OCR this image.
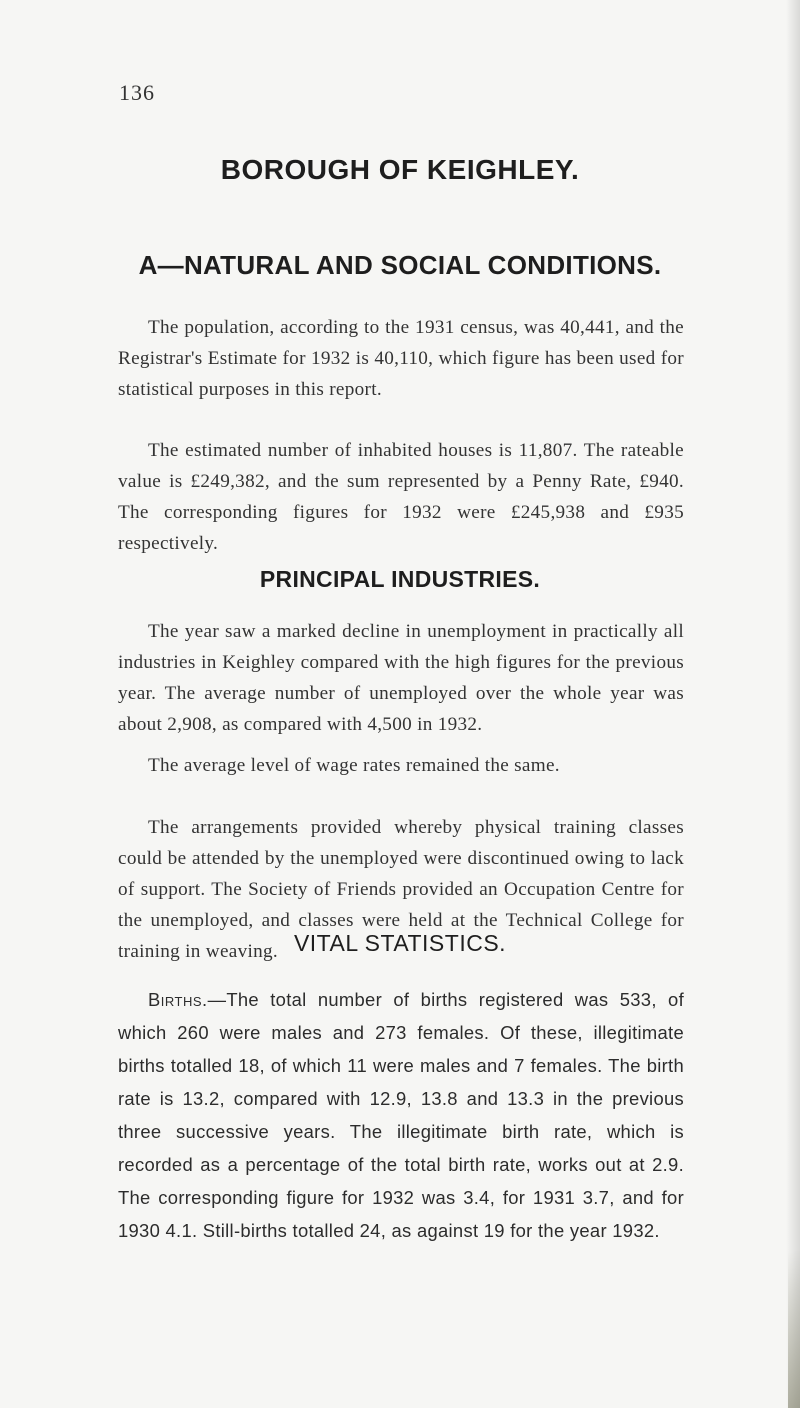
136
BOROUGH OF KEIGHLEY.
A—NATURAL AND SOCIAL CONDITIONS.

The population, according to the 1931 census, was 40,441, and the Registrar's Estimate for 1932 is 40,110, which figure has been used for statistical purposes in this report.

The estimated number of inhabited houses is 11,807. The rateable value is £249,382, and the sum represented by a Penny Rate, £940. The corresponding figures for 1932 were £245,938 and £935 respectively.

PRINCIPAL INDUSTRIES.

The year saw a marked decline in unemployment in practically all industries in Keighley compared with the high figures for the previous year. The average number of unemployed over the whole year was about 2,908, as compared with 4,500 in 1932.

The average level of wage rates remained the same.

The arrangements provided whereby physical training classes could be attended by the unemployed were discontinued owing to lack of support. The Society of Friends provided an Occupation Centre for the unemployed, and classes were held at the Technical College for training in weaving. VITAL STATISTICS.

Births.—The total number of births registered was 533, of which 260 were males and 273 females. Of these, illegitimate births totalled 18, of which 11 were males and 7 females. The birth rate is 13.2, compared with 12.9, 13.8 and 13.3 in the previous three successive years. The illegitimate birth rate, which is recorded as a percentage of the total birth rate, works out at 2.9. The corresponding figure for 1932 was 3.4, for 1931 3.7, and for 1930 4.1. Still-births totalled 24, as against 19 for the year 1932.
